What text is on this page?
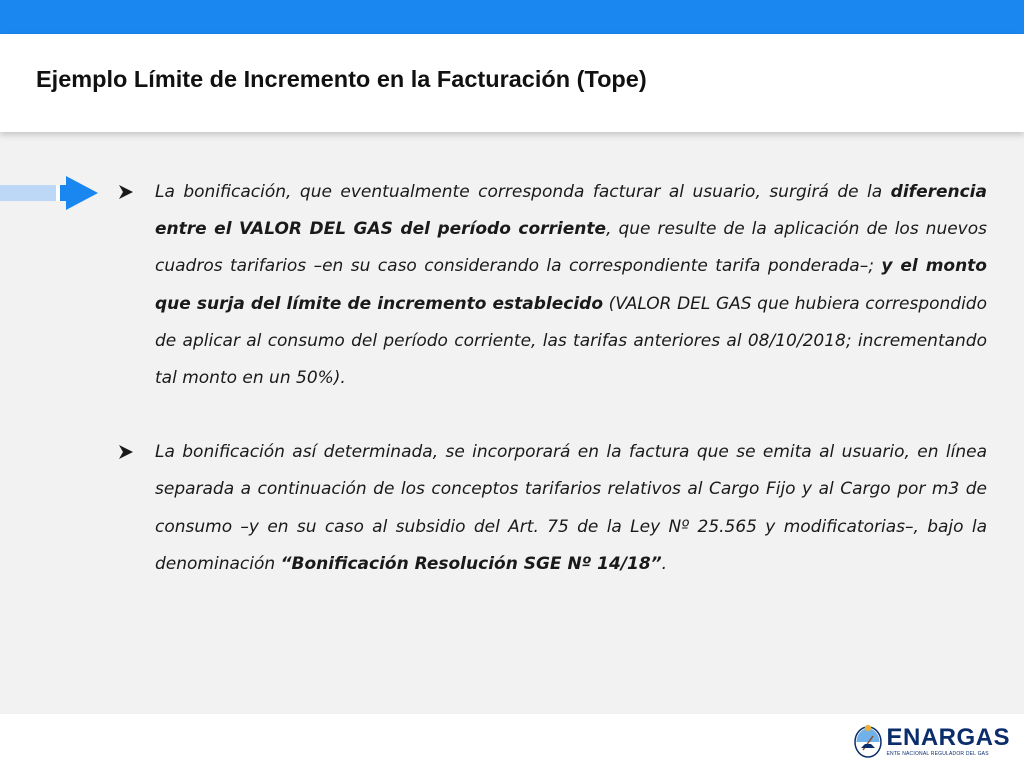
Ejemplo Límite de Incremento en la Facturación (Tope)
La bonificación, que eventualmente corresponda facturar al usuario, surgirá de la diferencia entre el VALOR DEL GAS del período corriente, que resulte de la aplicación de los nuevos cuadros tarifarios –en su caso considerando la correspondiente tarifa ponderada–; y el monto que surja del límite de incremento establecido (VALOR DEL GAS que hubiera correspondido de aplicar al consumo del período corriente, las tarifas anteriores al 08/10/2018; incrementando tal monto en un 50%).
La bonificación así determinada, se incorporará en la factura que se emita al usuario, en línea separada a continuación de los conceptos tarifarios relativos al Cargo Fijo y al Cargo por m3 de consumo –y en su caso al subsidio del Art. 75 de la Ley Nº 25.565 y modificatorias–, bajo la denominación “Bonificación Resolución SGE Nº 14/18”.
ENARGAS
ENTE NACIONAL REGULADOR DEL GAS
